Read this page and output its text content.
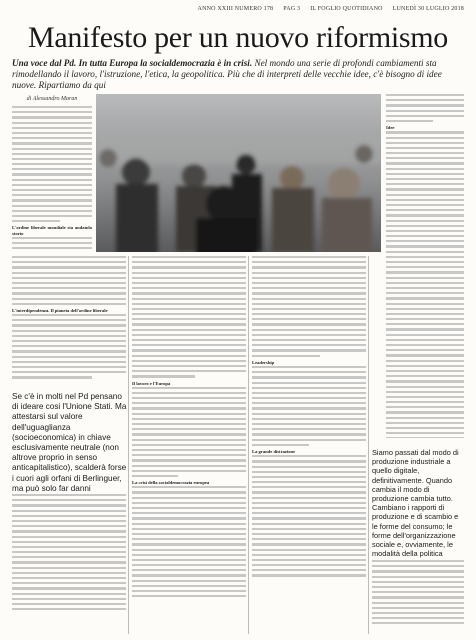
ANNO XXIII NUMERO 178 PAG 3 IL FOGLIO QUOTIDIANO LUNEDÌ 30 LUGLIO 2018
Manifesto per un nuovo riformismo
Una voce dal Pd. In tutta Europa la socialdemocrazia è in crisi. Nel mondo una serie di profondi cambiamenti sta rimodellando il lavoro, l'istruzione, l'etica, la geopolitica. Più che di interpreti delle vecchie idee, c'è bisogno di idee nuove. Ripartiamo da qui
di Alessandro Maran
L'ordine liberale mondiale sta andando storto
L'interdipendenza. Il pianeta dell'ordine liberale
Se c'è in molti nel Pd pensano di ideare cosi l'Unione Stati. Ma attestarsi sul valore dell'uguaglianza (socioeconomica) in chiave esclusivamente neutrale (non altrove proprio in senso anticapitalistico), scalderà forse i cuori agli orfani di Berlinguer, ma può solo far danni
Il lavoro e l'Europa
La crisi della socialdemocrazia europea
Leadership
La grande distrazione
Idee
Siamo passati dal modo di produzione industriale a quello digitale, definitivamente. Quando cambia il modo di produzione cambia tutto. Cambiano i rapporti di produzione e di scambio e le forme del consumo; le forme dell'organizzazione sociale e, ovviamente, le modalità della politica
